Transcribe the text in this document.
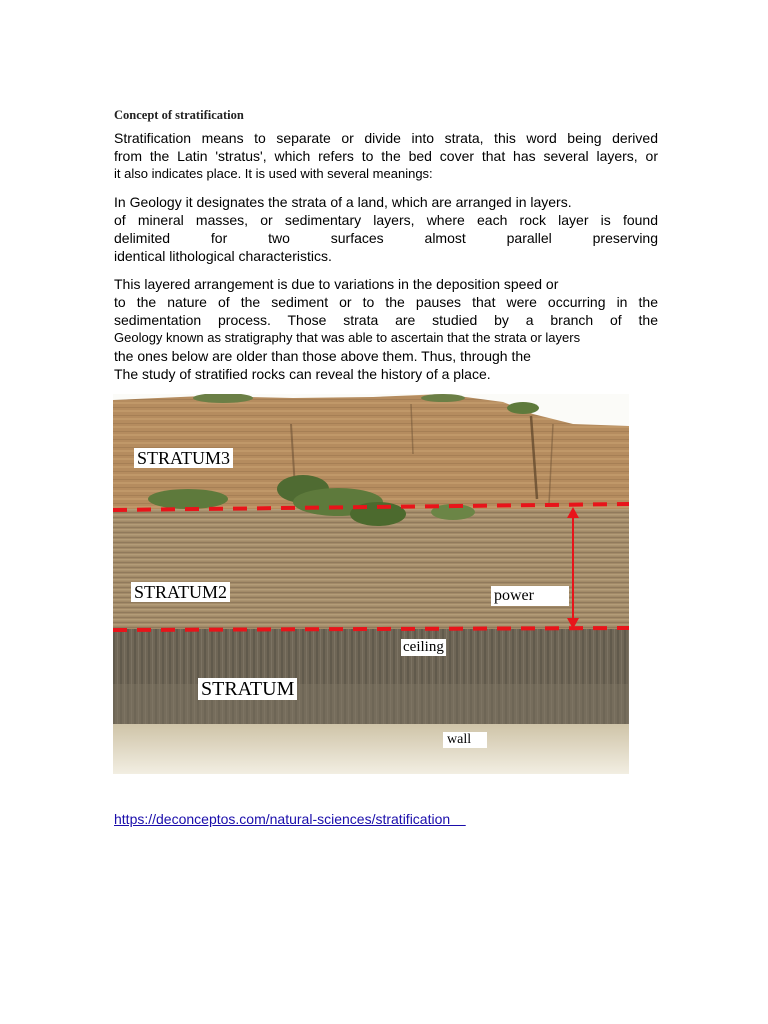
Concept of stratification
Stratification means to separate or divide into strata, this word being derived
from the Latin 'stratus', which refers to the bed cover that has several layers, or
it also indicates place. It is used with several meanings:
In Geology it designates the strata of a land, which are arranged in layers.
of mineral masses, or sedimentary layers, where each rock layer is found
delimited for two surfaces almost parallel preserving
identical lithological characteristics.
This layered arrangement is due to variations in the deposition speed or
to the nature of the sediment or to the pauses that were occurring in the
sedimentation process. Those strata are studied by a branch of the
Geology known as stratigraphy that was able to ascertain that the strata or layers
the ones below are older than those above them. Thus, through the
The study of stratified rocks can reveal the history of a place.
STRATUM3
STRATUM2
STRATUM
power
ceiling
wall
https://deconceptos.com/natural-sciences/stratification
